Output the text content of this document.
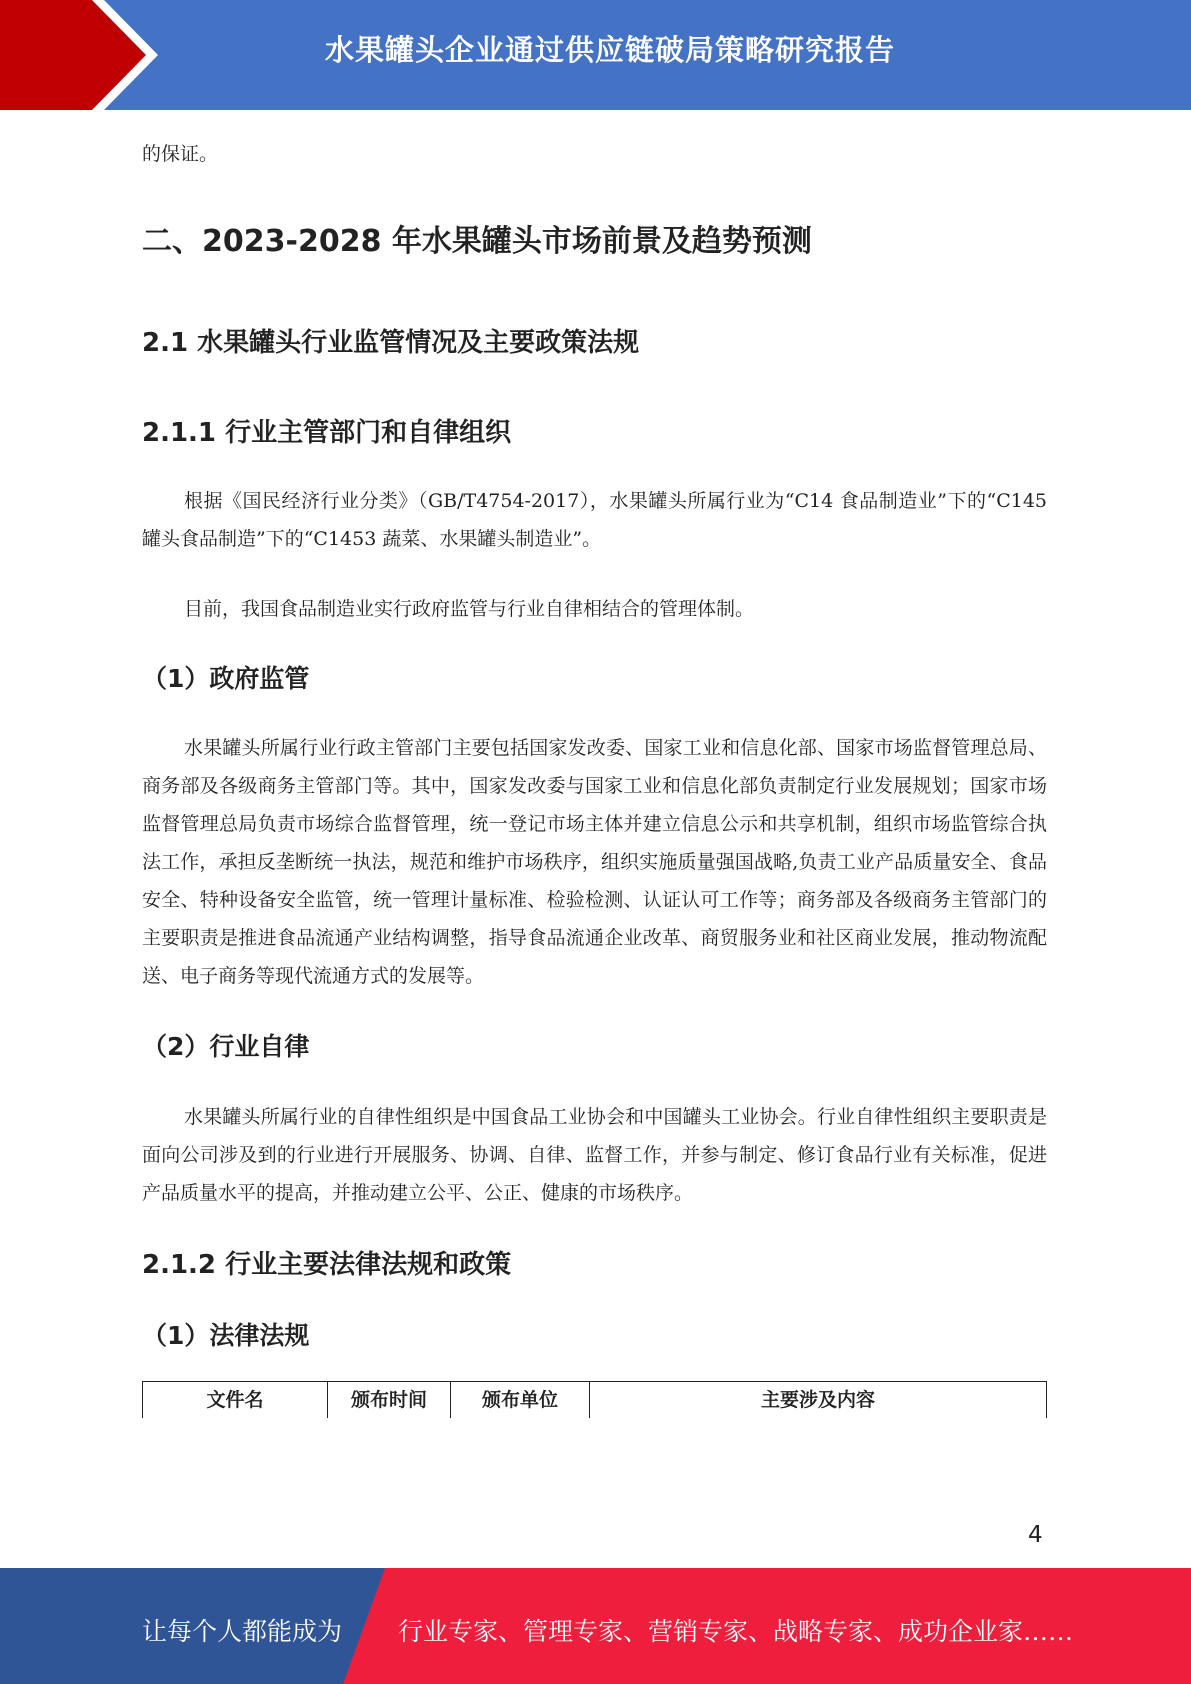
水果罐头企业通过供应链破局策略研究报告

的保证。

二、2023-2028 年水果罐头市场前景及趋势预测
2.1 水果罐头行业监管情况及主要政策法规
2.1.1 行业主管部门和自律组织

根据《国民经济行业分类》（GB/T4754-2017），水果罐头所属行业为“C14 食品制造业”下的“C145 罐头食品制造”下的“C1453 蔬菜、水果罐头制造业”。

目前，我国食品制造业实行政府监管与行业自律相结合的管理体制。

（1）政府监管

水果罐头所属行业行政主管部门主要包括国家发改委、国家工业和信息化部、国家市场监督管理总局、商务部及各级商务主管部门等。其中，国家发改委与国家工业和信息化部负责制定行业发展规划；国家市场监督管理总局负责市场综合监督管理，统一登记市场主体并建立信息公示和共享机制，组织市场监管综合执法工作，承担反垄断统一执法，规范和维护市场秩序，组织实施质量强国战略,负责工业产品质量安全、食品安全、特种设备安全监管，统一管理计量标准、检验检测、认证认可工作等；商务部及各级商务主管部门的主要职责是推进食品流通产业结构调整，指导食品流通企业改革、商贸服务业和社区商业发展，推动物流配送、电子商务等现代流通方式的发展等。

（2）行业自律

水果罐头所属行业的自律性组织是中国食品工业协会和中国罐头工业协会。行业自律性组织主要职责是面向公司涉及到的行业进行开展服务、协调、自律、监督工作，并参与制定、修订食品行业有关标准，促进产品质量水平的提高，并推动建立公平、公正、健康的市场秩序。

2.1.2 行业主要法律法规和政策
（1）法律法规
文件名	颁布时间	颁布单位	主要涉及内容
4
让每个人都能成为 行业专家、管理专家、营销专家、战略专家、成功企业家……
